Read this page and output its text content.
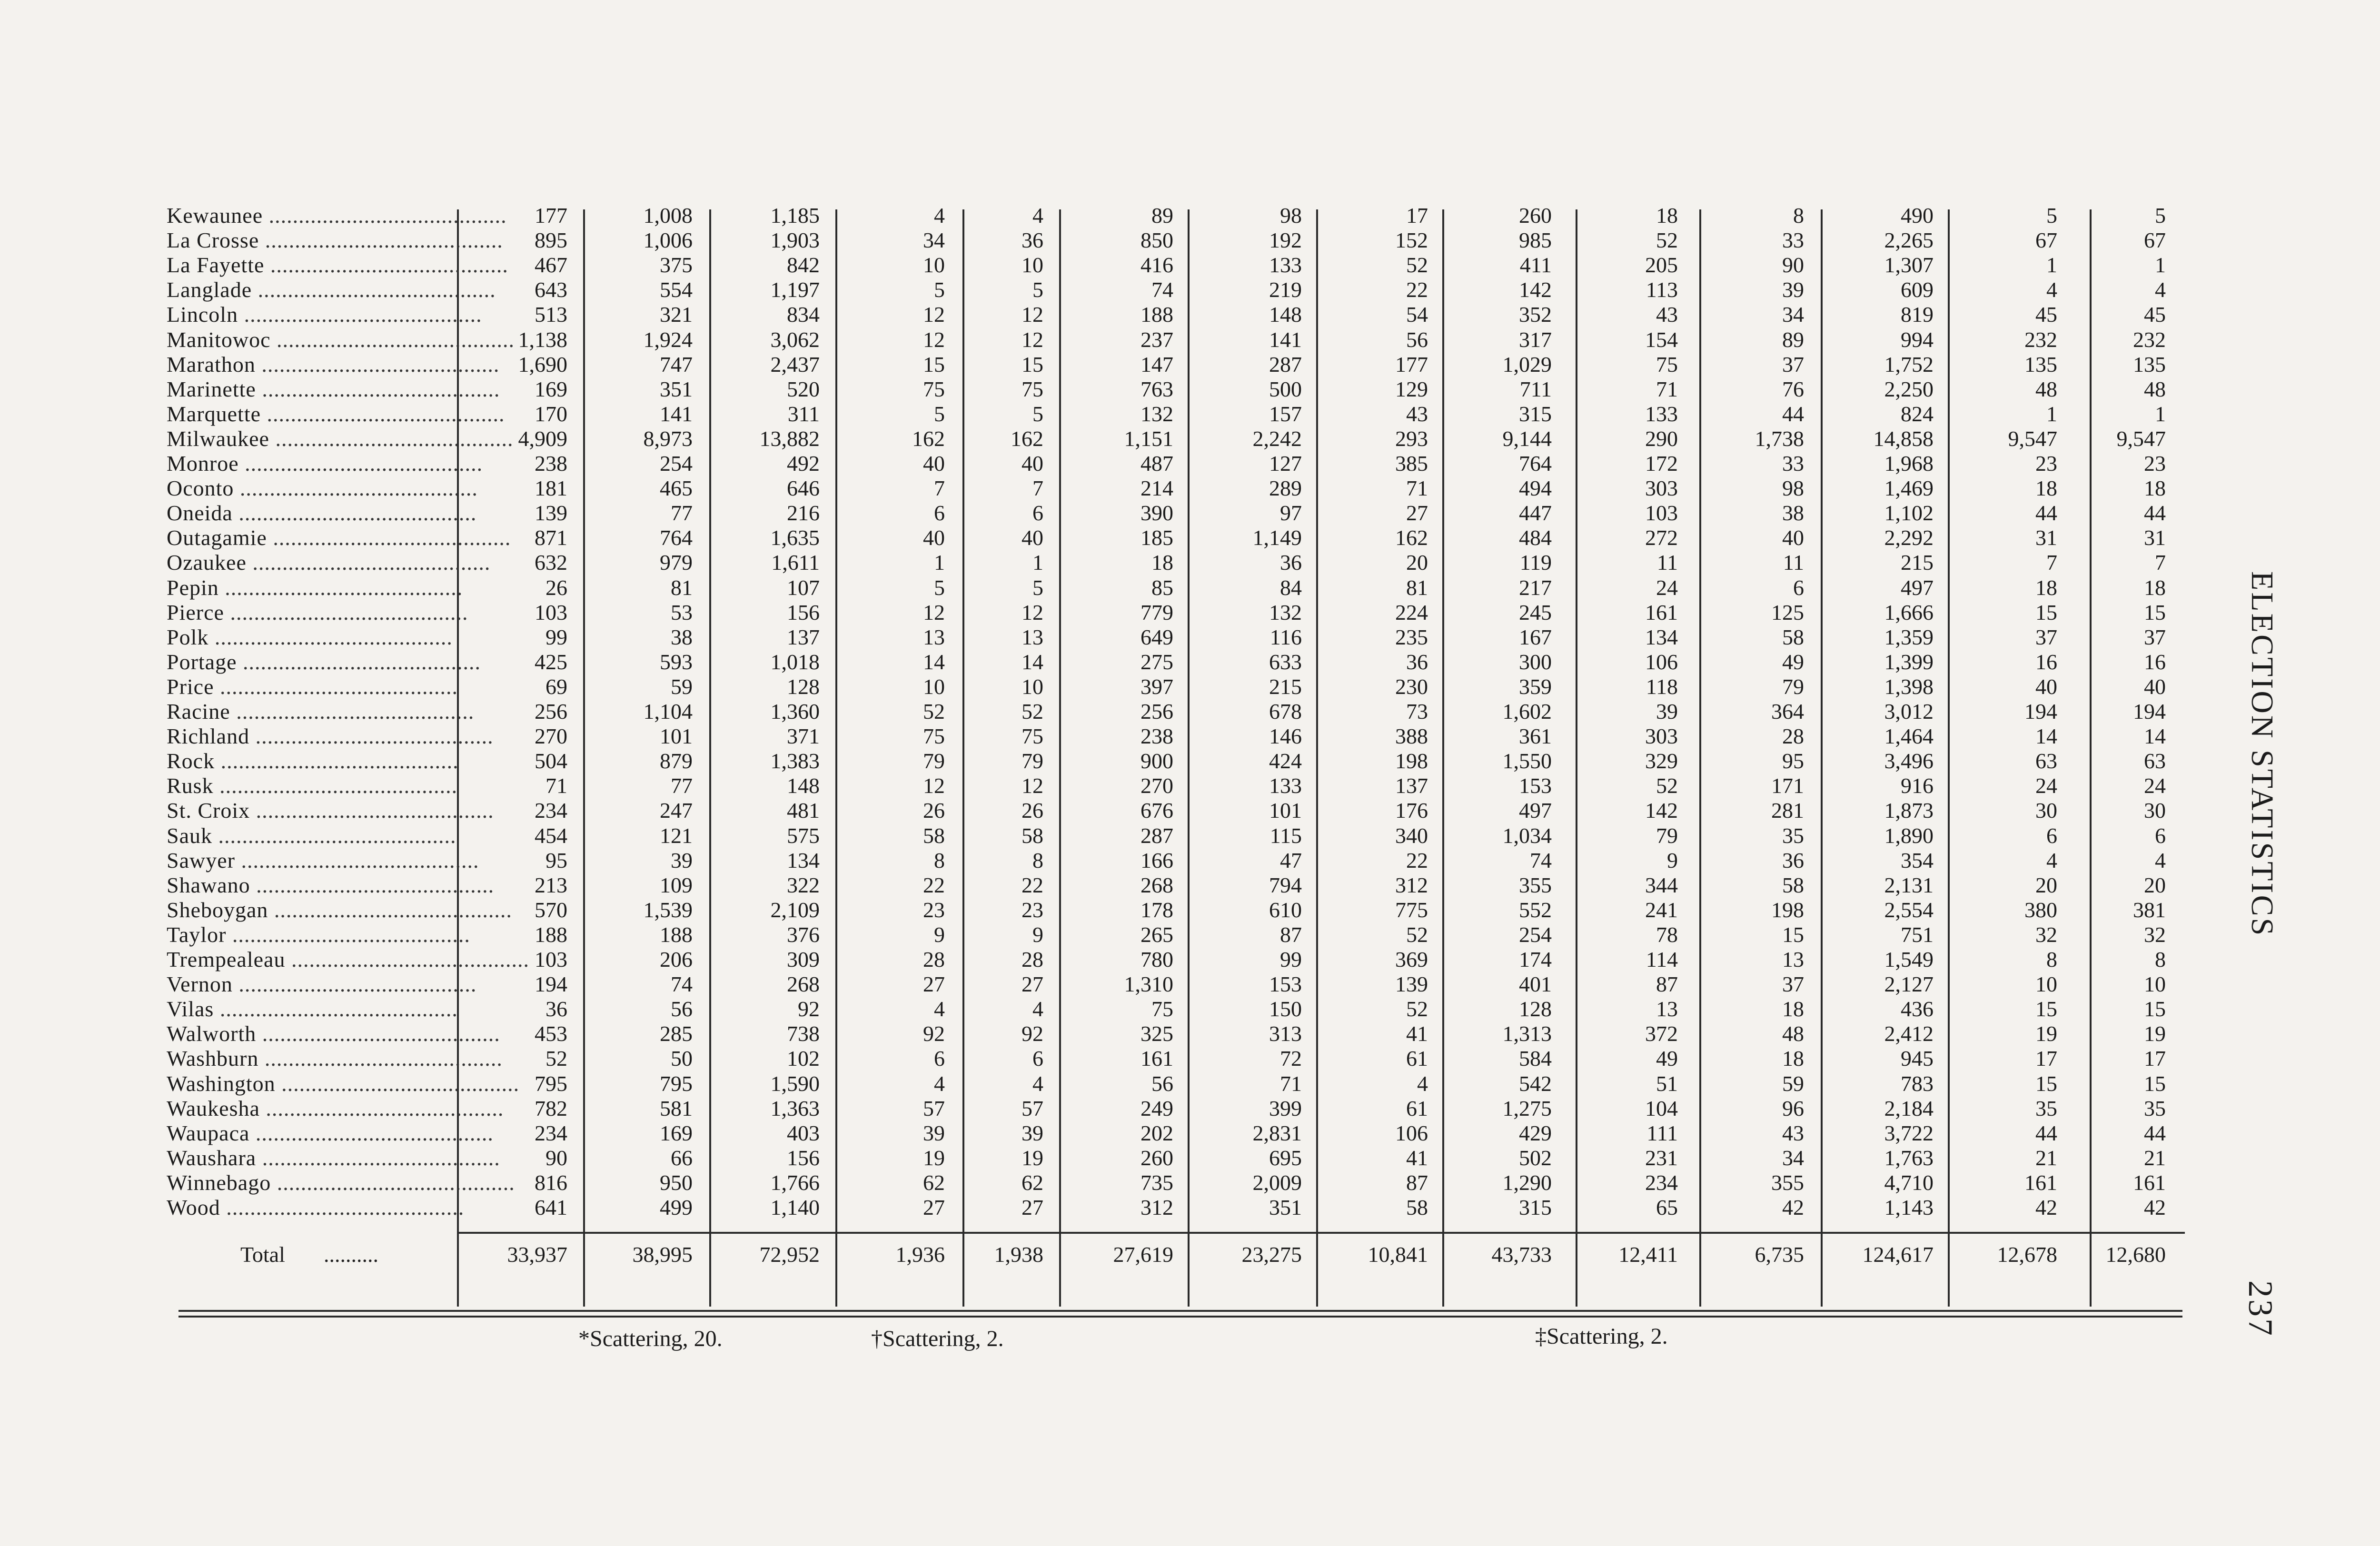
Kewaunee ........................................	177	1,008	1,185	4	4	89	98	17	260	18	8	490	5	5
La Crosse ........................................	895	1,006	1,903	34	36	850	192	152	985	52	33	2,265	67	67
La Fayette ........................................	467	375	842	10	10	416	133	52	411	205	90	1,307	1	1
Langlade ........................................	643	554	1,197	5	5	74	219	22	142	113	39	609	4	4
Lincoln ........................................	513	321	834	12	12	188	148	54	352	43	34	819	45	45
Manitowoc ........................................ 1,138	1,924	3,062	12	12	237	141	56	317	154	89	994	232	232
Marathon ........................................ 1,690	747	2,437	15	15	147	287	177	1,029	75	37	1,752	135	135
Marinette ........................................	169	351	520	75	75	763	500	129	711	71	76	2,250	48	48
Marquette ........................................	170	141	311	5	5	132	157	43	315	133	44	824	1	1
Milwaukee ........................................ 4,909	8,973	13,882	162	162	1,151	2,242	293	9,144	290	1,738	14,858	9,547	9,547
Monroe ........................................	238	254	492	40	40	487	127	385	764	172	33	1,968	23	23
Oconto ........................................	181	465	646	7	7	214	289	71	494	303	98	1,469	18	18
Oneida ........................................	139	77	216	6	6	390	97	27	447	103	38	1,102	44	44
Outagamie ........................................	871	764	1,635	40	40	185	1,149	162	484	272	40	2,292	31	31
Ozaukee ........................................	632	979	1,611	1	1	18	36	20	119	11	11	215	7	7
Pepin ........................................	26	81	107	5	5	85	84	81	217	24	6	497	18	18
Pierce ........................................	103	53	156	12	12	779	132	224	245	161	125	1,666	15	15
Polk ........................................	99	38	137	13	13	649	116	235	167	134	58	1,359	37	37
Portage ........................................	425	593	1,018	14	14	275	633	36	300	106	49	1,399	16	16
Price ........................................	69	59	128	10	10	397	215	230	359	118	79	1,398	40	40
Racine ........................................	256	1,104	1,360	52	52	256	678	73	1,602	39	364	3,012	194	194
Richland ........................................	270	101	371	75	75	238	146	388	361	303	28	1,464	14	14
Rock ........................................	504	879	1,383	79	79	900	424	198	1,550	329	95	3,496	63	63
Rusk ........................................	71	77	148	12	12	270	133	137	153	52	171	916	24	24
St. Croix ........................................	234	247	481	26	26	676	101	176	497	142	281	1,873	30	30
Sauk ........................................	454	121	575	58	58	287	115	340	1,034	79	35	1,890	6	6
Sawyer ........................................	95	39	134	8	8	166	47	22	74	9	36	354	4	4
Shawano ........................................	213	109	322	22	22	268	794	312	355	344	58	2,131	20	20
Sheboygan ........................................	570	1,539	2,109	23	23	178	610	775	552	241	198	2,554	380	381
Taylor ........................................	188	188	376	9	9	265	87	52	254	78	15	751	32	32
Trempealeau ........................................ 103	206	309	28	28	780	99	369	174	114	13	1,549	8	8
Vernon ........................................	194	74	268	27	27	1,310	153	139	401	87	37	2,127	10	10
Vilas ........................................	36	56	92	4	4	75	150	52	128	13	18	436	15	15
Walworth ........................................	453	285	738	92	92	325	313	41	1,313	372	48	2,412	19	19
Washburn ........................................	52	50	102	6	6	161	72	61	584	49	18	945	17	17
Washington ........................................ 795	795	1,590	4	4	56	71	4	542	51	59	783	15	15
Waukesha ........................................	782	581	1,363	57	57	249	399	61	1,275	104	96	2,184	35	35
Waupaca ........................................	234	169	403	39	39	202	2,831	106	429	111	43	3,722	44	44
Waushara ........................................	90	66	156	19	19	260	695	41	502	231	34	1,763	21	21
Winnebago ........................................ 816	950	1,766	62	62	735	2,009	87	1,290	234	355	4,710	161	161
Wood ........................................	641	499	1,140	27	27	312	351	58	315	65	42	1,143	42	42
Total ..........	33,937	38,995	72,952	1,936	1,938	27,619	23,275	10,841	43,733	12,411	6,735	124,617	12,678	12,680
*Scattering, 20.	†Scattering, 2.	‡Scattering, 2.
ELECTION STATISTICS
237
